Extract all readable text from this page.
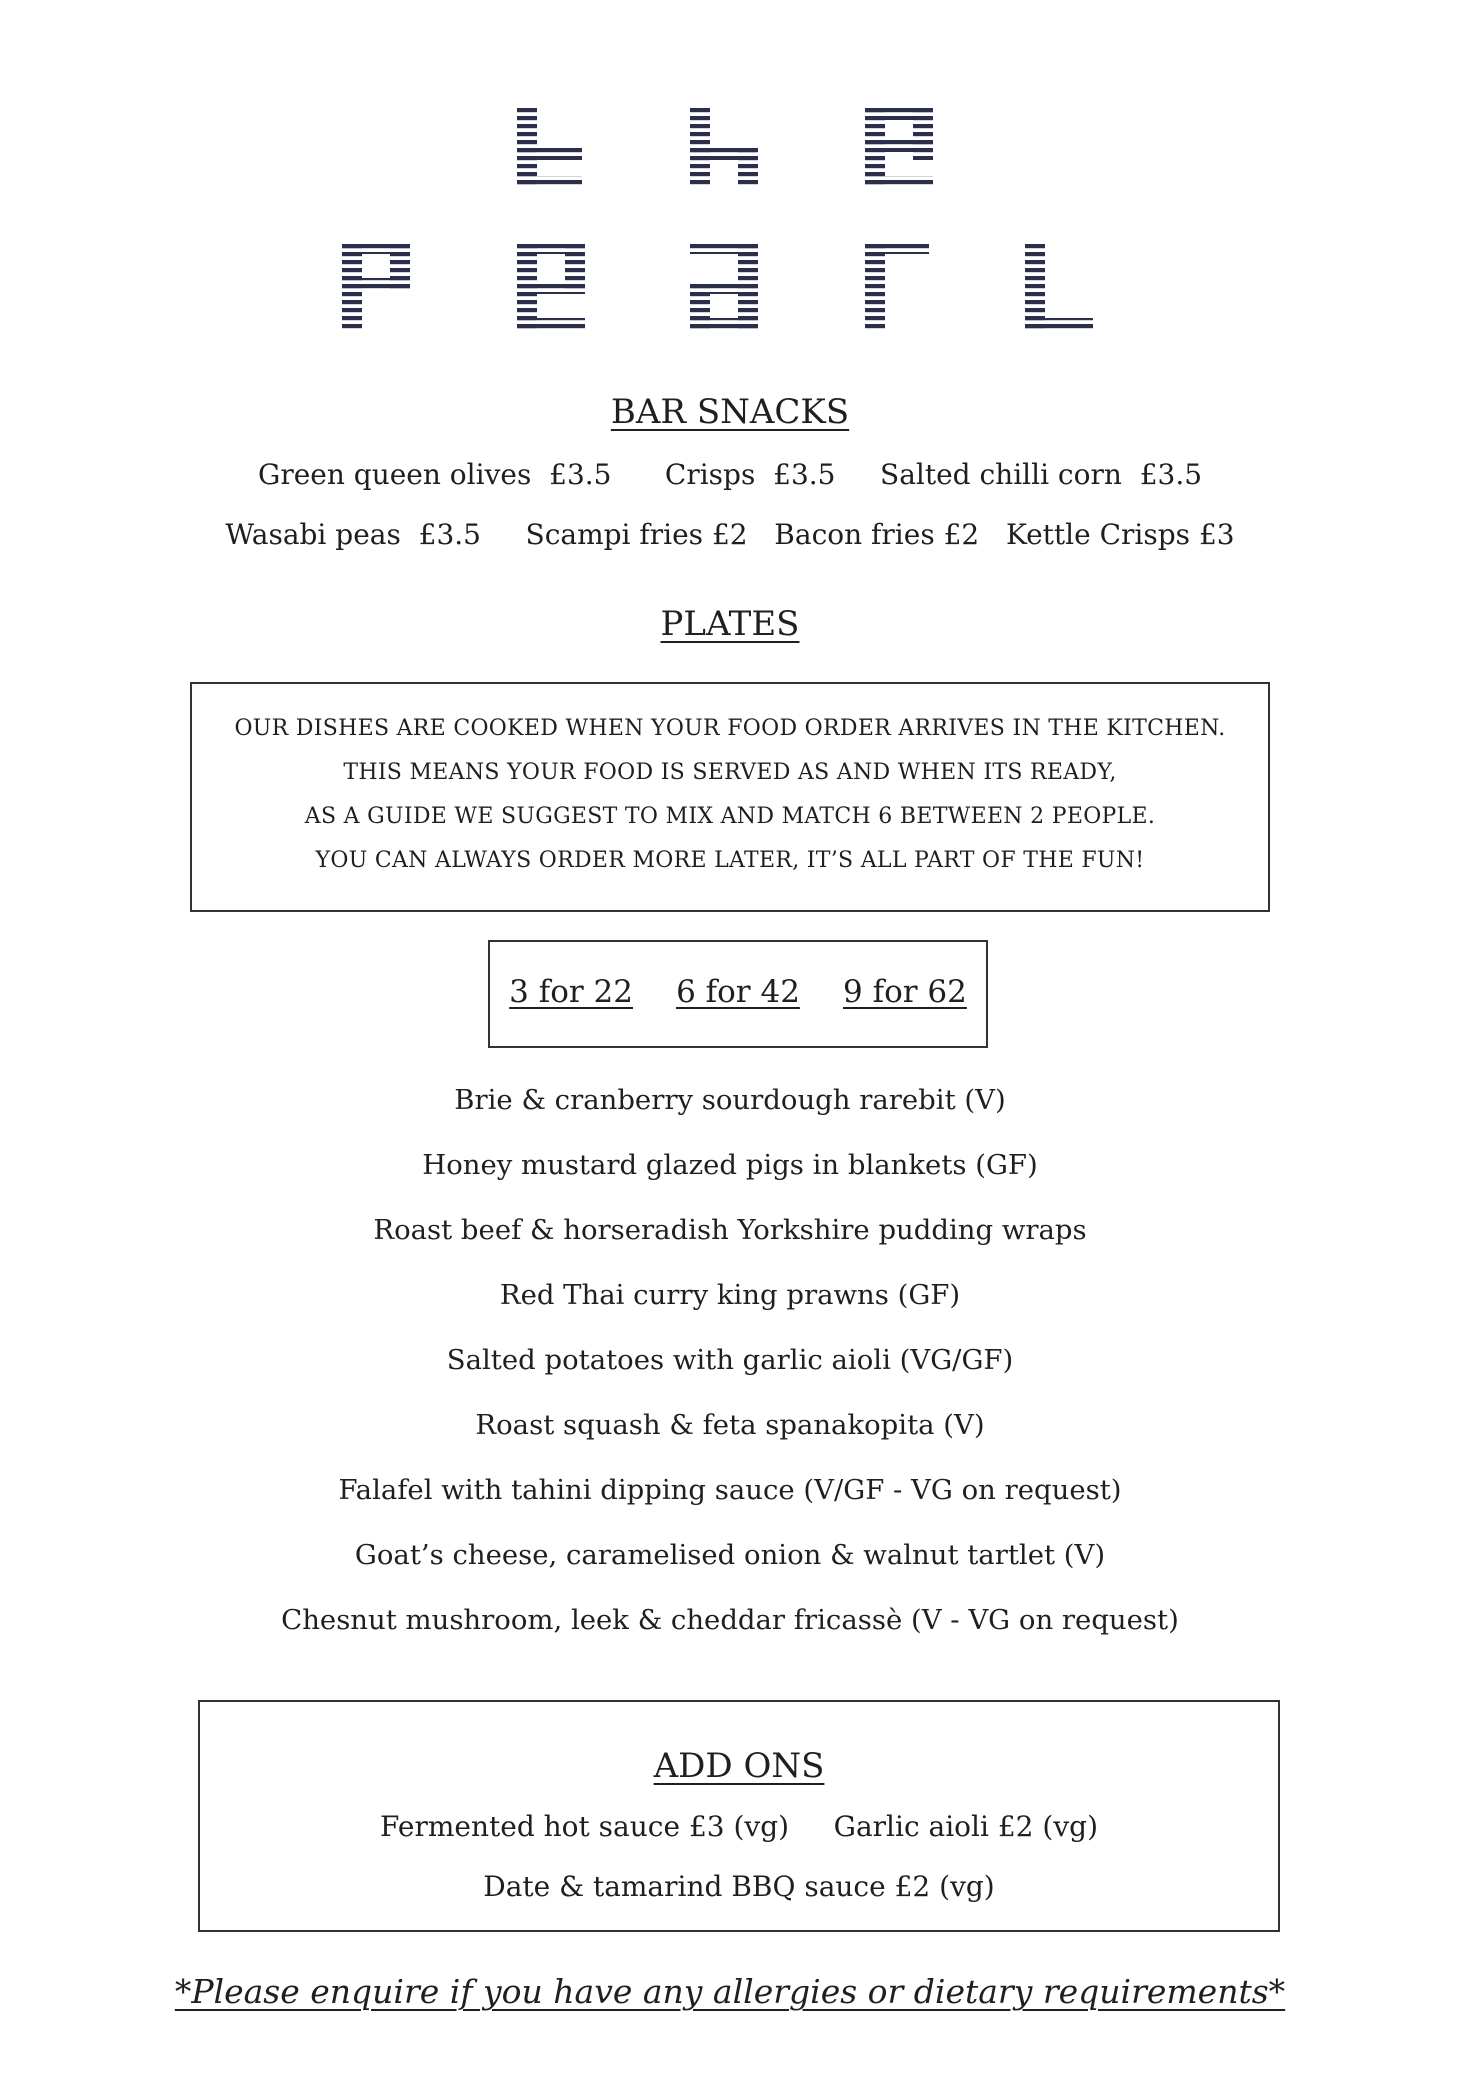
BAR SNACKS
Green queen olives £3.5 Crisps £3.5 Salted chilli corn £3.5
Wasabi peas £3.5 Scampi fries £2 Bacon fries £2 Kettle Crisps £3
PLATES
OUR DISHES ARE COOKED WHEN YOUR FOOD ORDER ARRIVES IN THE KITCHEN.
THIS MEANS YOUR FOOD IS SERVED AS AND WHEN ITS READY,
AS A GUIDE WE SUGGEST TO MIX AND MATCH 6 BETWEEN 2 PEOPLE.
YOU CAN ALWAYS ORDER MORE LATER, IT’S ALL PART OF THE FUN!
3 for 22 6 for 42 9 for 62
Brie & cranberry sourdough rarebit (V)
Honey mustard glazed pigs in blankets (GF)
Roast beef & horseradish Yorkshire pudding wraps
Red Thai curry king prawns (GF)
Salted potatoes with garlic aioli (VG/GF)
Roast squash & feta spanakopita (V)
Falafel with tahini dipping sauce (V/GF - VG on request)
Goat’s cheese, caramelised onion & walnut tartlet (V)
Chesnut mushroom, leek & cheddar fricassè (V - VG on request)
ADD ONS
Fermented hot sauce £3 (vg) Garlic aioli £2 (vg)
Date & tamarind BBQ sauce £2 (vg)
*Please enquire if you have any allergies or dietary requirements*
